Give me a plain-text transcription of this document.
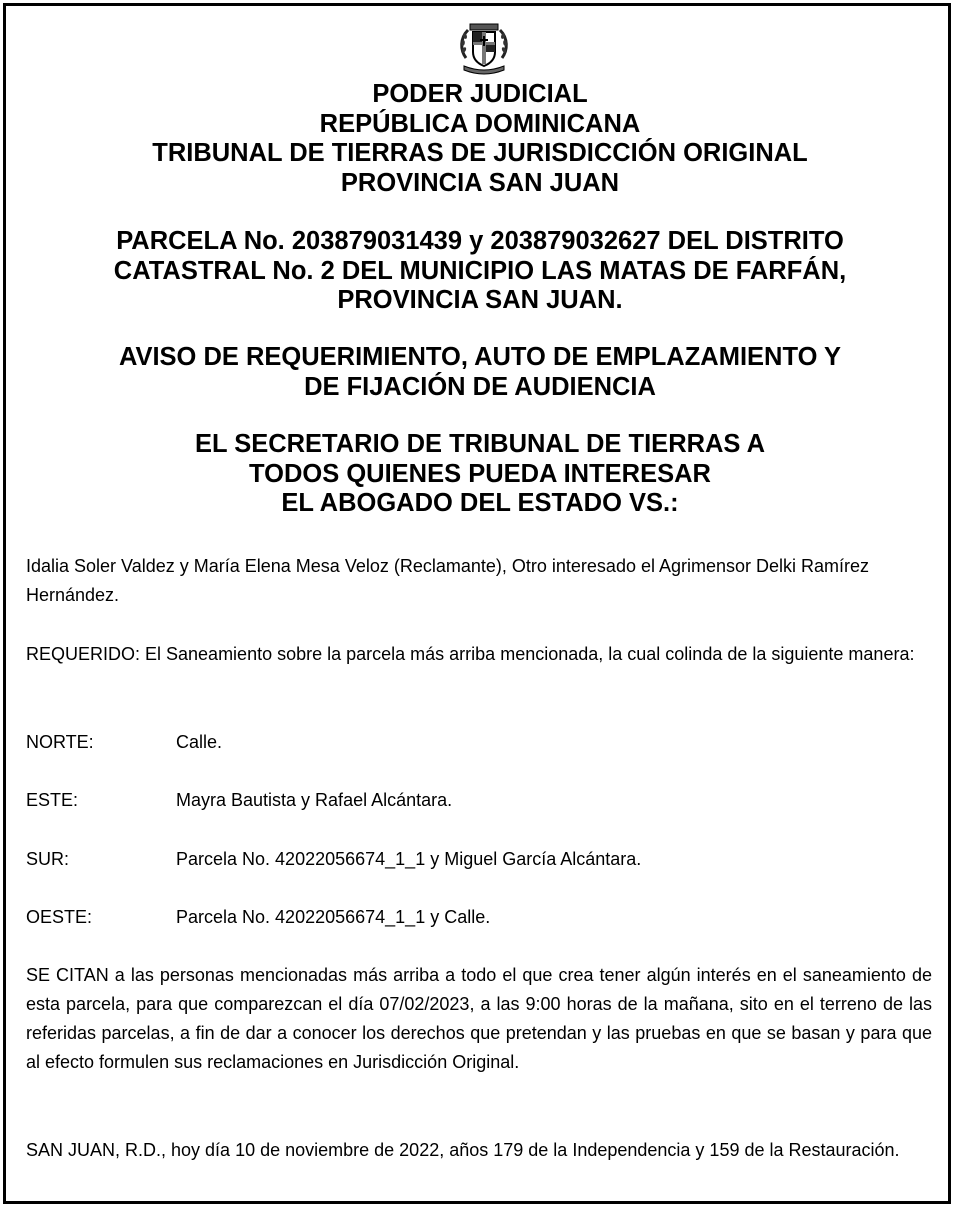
PODER JUDICIAL
REPÚBLICA DOMINICANA
TRIBUNAL DE TIERRAS DE JURISDICCIÓN ORIGINAL
PROVINCIA SAN JUAN
PARCELA No. 203879031439 y 203879032627 DEL DISTRITO
CATASTRAL No. 2 DEL MUNICIPIO LAS MATAS DE FARFÁN,
PROVINCIA SAN JUAN.
AVISO DE REQUERIMIENTO, AUTO DE EMPLAZAMIENTO Y
DE FIJACIÓN DE AUDIENCIA
EL SECRETARIO DE TRIBUNAL DE TIERRAS A
TODOS QUIENES PUEDA INTERESAR
EL ABOGADO DEL ESTADO VS.:

Idalia Soler Valdez y María Elena Mesa Veloz (Reclamante), Otro interesado el Agrimensor Delki Ramírez Hernández.

REQUERIDO: El Saneamiento sobre la parcela más arriba mencionada, la cual colinda de la siguiente manera:

NORTE:	Calle.

ESTE:	Mayra Bautista y Rafael Alcántara.

SUR:	Parcela No. 42022056674_1_1 y Miguel García Alcántara.

OESTE:	Parcela No. 42022056674_1_1 y Calle.

SE CITAN a las personas mencionadas más arriba a todo el que crea tener algún interés en el saneamiento de esta parcela, para que comparezcan el día 07/02/2023, a las 9:00 horas de la mañana, sito en el terreno de las referidas parcelas, a fin de dar a conocer los derechos que pretendan y las pruebas en que se basan y para que al efecto formulen sus reclamaciones en Jurisdicción Original.

SAN JUAN, R.D., hoy día 10 de noviembre de 2022, años 179 de la Independencia y 159 de la Restauración.
